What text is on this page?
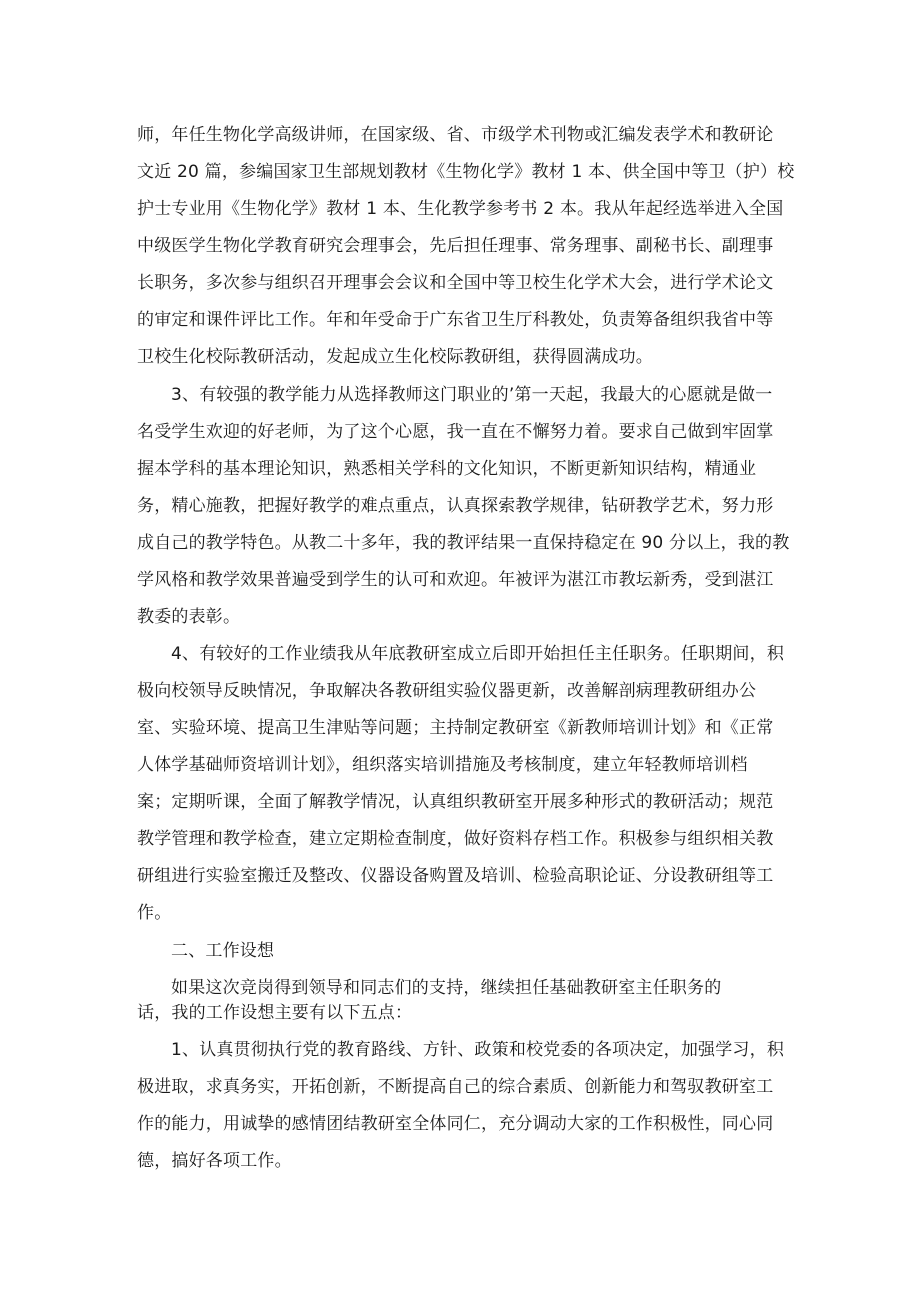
师，年任生物化学高级讲师，在国家级、省、市级学术刊物或汇编发表学术和教研论
文近 20 篇，参编国家卫生部规划教材《生物化学》教材 1 本、供全国中等卫（护）校
护士专业用《生物化学》教材 1 本、生化教学参考书 2 本。我从年起经选举进入全国
中级医学生物化学教育研究会理事会，先后担任理事、常务理事、副秘书长、副理事
长职务，多次参与组织召开理事会会议和全国中等卫校生化学术大会，进行学术论文
的审定和课件评比工作。年和年受命于广东省卫生厅科教处，负责筹备组织我省中等
卫校生化校际教研活动，发起成立生化校际教研组，获得圆满成功。
3、有较强的教学能力从选择教师这门职业的’第一天起，我最大的心愿就是做一
名受学生欢迎的好老师，为了这个心愿，我一直在不懈努力着。要求自己做到牢固掌
握本学科的基本理论知识，熟悉相关学科的文化知识，不断更新知识结构，精通业
务，精心施教，把握好教学的难点重点，认真探索教学规律，钻研教学艺术，努力形
成自己的教学特色。从教二十多年，我的教评结果一直保持稳定在 90 分以上，我的教
学风格和教学效果普遍受到学生的认可和欢迎。年被评为湛江市教坛新秀，受到湛江
教委的表彰。
4、有较好的工作业绩我从年底教研室成立后即开始担任主任职务。任职期间，积
极向校领导反映情况，争取解决各教研组实验仪器更新，改善解剖病理教研组办公
室、实验环境、提高卫生津贴等问题；主持制定教研室《新教师培训计划》和《正常
人体学基础师资培训计划》，组织落实培训措施及考核制度，建立年轻教师培训档
案；定期听课，全面了解教学情况，认真组织教研室开展多种形式的教研活动；规范
教学管理和教学检查，建立定期检查制度，做好资料存档工作。积极参与组织相关教
研组进行实验室搬迁及整改、仪器设备购置及培训、检验高职论证、分设教研组等工
作。
二、工作设想
如果这次竞岗得到领导和同志们的支持，继续担任基础教研室主任职务的
话，我的工作设想主要有以下五点：
1、认真贯彻执行党的教育路线、方针、政策和校党委的各项决定，加强学习，积
极进取，求真务实，开拓创新，不断提高自己的综合素质、创新能力和驾驭教研室工
作的能力，用诚挚的感情团结教研室全体同仁，充分调动大家的工作积极性，同心同
德，搞好各项工作。
